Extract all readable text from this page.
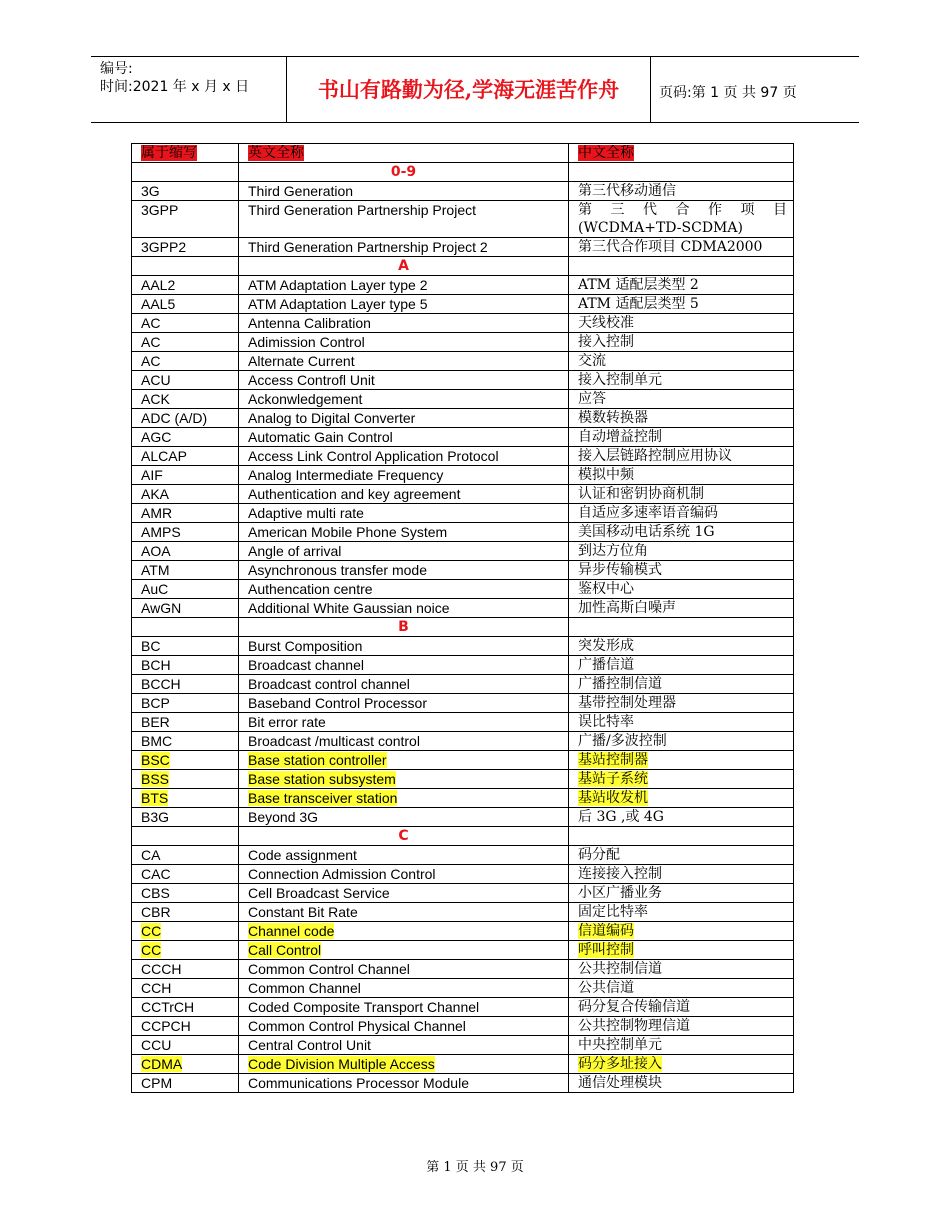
编号:
时间:2021 年 x 月 x 日	书山有路勤为径,学海无涯苦作舟	页码:第 1 页 共 97 页
属于缩写	英文全称	中文全称
	0-9	
3G	Third Generation	第三代移动通信
3GPP	Third Generation Partnership Project	第 三 代 合 作 项 目 (WCDMA+TD-SCDMA)
3GPP2	Third Generation Partnership Project 2	第三代合作项目 CDMA2000
	A	
AAL2	ATM Adaptation Layer type 2	ATM 适配层类型 2
AAL5	ATM Adaptation Layer type 5	ATM 适配层类型 5
AC	Antenna Calibration	天线校准
AC	Adimission Control	接入控制
AC	Alternate Current	交流
ACU	Access Controfl Unit	接入控制单元
ACK	Ackonwledgement	应答
ADC (A/D)	Analog to Digital Converter	模数转换器
AGC	Automatic Gain Control	自动增益控制
ALCAP	Access Link Control Application Protocol	接入层链路控制应用协议
AIF	Analog Intermediate Frequency	模拟中频
AKA	Authentication and key agreement	认证和密钥协商机制
AMR	Adaptive multi rate	自适应多速率语音编码
AMPS	American Mobile Phone System	美国移动电话系统 1G
AOA	Angle of arrival	到达方位角
ATM	Asynchronous transfer mode	异步传输模式
AuC	Authencation centre	鉴权中心
AwGN	Additional White Gaussian noice	加性高斯白噪声
	B	
BC	Burst Composition	突发形成
BCH	Broadcast channel	广播信道
BCCH	Broadcast control channel	广播控制信道
BCP	Baseband Control Processor	基带控制处理器
BER	Bit error rate	误比特率
BMC	Broadcast /multicast control	广播/多波控制
BSC	Base station controller	基站控制器
BSS	Base station subsystem	基站子系统
BTS	Base transceiver station	基站收发机
B3G	Beyond 3G	后 3G ,或 4G
	C	
CA	Code assignment	码分配
CAC	Connection Admission Control	连接接入控制
CBS	Cell Broadcast Service	小区广播业务
CBR	Constant Bit Rate	固定比特率
CC	Channel code	信道编码
CC	Call Control	呼叫控制
CCCH	Common Control Channel	公共控制信道
CCH	Common Channel	公共信道
CCTrCH	Coded Composite Transport Channel	码分复合传输信道
CCPCH	Common Control Physical Channel	公共控制物理信道
CCU	Central Control Unit	中央控制单元
CDMA	Code Division Multiple Access	码分多址接入
CPM	Communications Processor Module	通信处理模块
第 1 页 共 97 页
